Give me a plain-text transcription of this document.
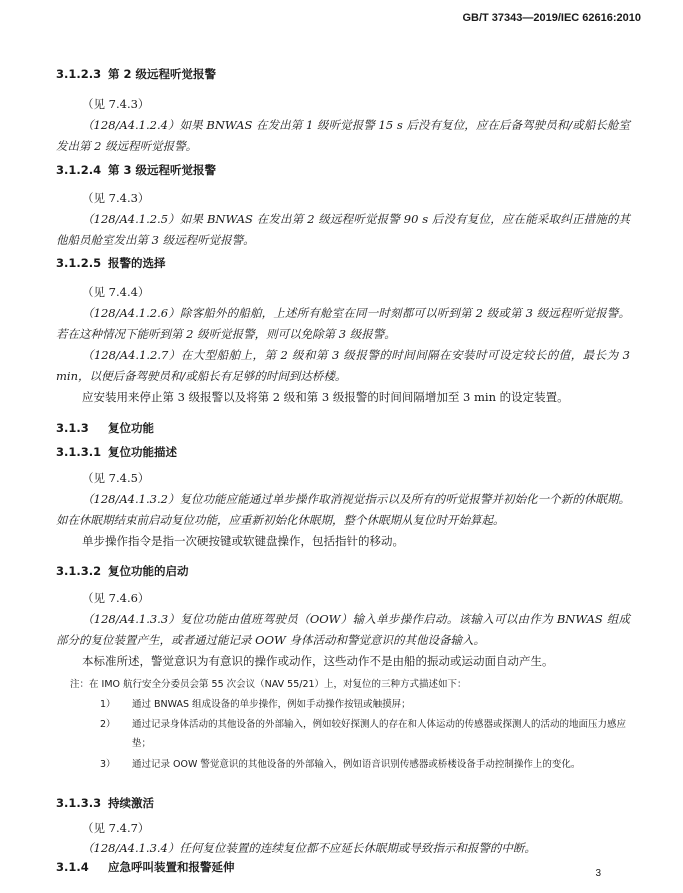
GB/T 37343—2019/IEC 62616:2010
3.1.2.3 第 2 级远程听觉报警
（见 7.4.3）
（128/A4.1.2.4）如果 BNWAS 在发出第 1 级听觉报警 15 s 后没有复位，应在后备驾驶员和/或船长舱室发出第 2 级远程听觉报警。
3.1.2.4 第 3 级远程听觉报警
（见 7.4.3）
（128/A4.1.2.5）如果 BNWAS 在发出第 2 级远程听觉报警 90 s 后没有复位，应在能采取纠正措施的其他船员舱室发出第 3 级远程听觉报警。
3.1.2.5 报警的选择
（见 7.4.4）
（128/A4.1.2.6）除客船外的船舶，上述所有舱室在同一时刻都可以听到第 2 级或第 3 级远程听觉报警。若在这种情况下能听到第 2 级听觉报警，则可以免除第 3 级报警。
（128/A4.1.2.7）在大型船舶上，第 2 级和第 3 级报警的时间间隔在安装时可设定较长的值，最长为 3 min，以便后备驾驶员和/或船长有足够的时间到达桥楼。
应安装用来停止第 3 级报警以及将第 2 级和第 3 级报警的时间间隔增加至 3 min 的设定装置。
3.1.3 复位功能
3.1.3.1 复位功能描述
（见 7.4.5）
（128/A4.1.3.2）复位功能应能通过单步操作取消视觉指示以及所有的听觉报警并初始化一个新的休眠期。如在休眠期结束前启动复位功能，应重新初始化休眠期，整个休眠期从复位时开始算起。
单步操作指令是指一次硬按键或软键盘操作，包括指针的移动。
3.1.3.2 复位功能的启动
（见 7.4.6）
（128/A4.1.3.3）复位功能由值班驾驶员（OOW）输入单步操作启动。该输入可以由作为 BNWAS 组成部分的复位装置产生，或者通过能记录 OOW 身体活动和警觉意识的其他设备输入。
本标准所述，警觉意识为有意识的操作或动作，这些动作不是由船的振动或运动面自动产生。
注：在 IMO 航行安全分委员会第 55 次会议（NAV 55/21）上，对复位的三种方式描述如下：
1）	通过 BNWAS 组成设备的单步操作，例如手动操作按钮或触摸屏；
2）	通过记录身体活动的其他设备的外部输入，例如较好探测人的存在和人体运动的传感器或探测人的活动的地面压力感应垫；
3）	通过记录 OOW 警觉意识的其他设备的外部输入，例如语音识别传感器或桥楼设备手动控制操作上的变化。
3.1.3.3 持续激活
（见 7.4.7）
（128/A4.1.3.4）任何复位装置的连续复位都不应延长休眠期或导致指示和报警的中断。
3.1.4 应急呼叫装置和报警延伸	3
